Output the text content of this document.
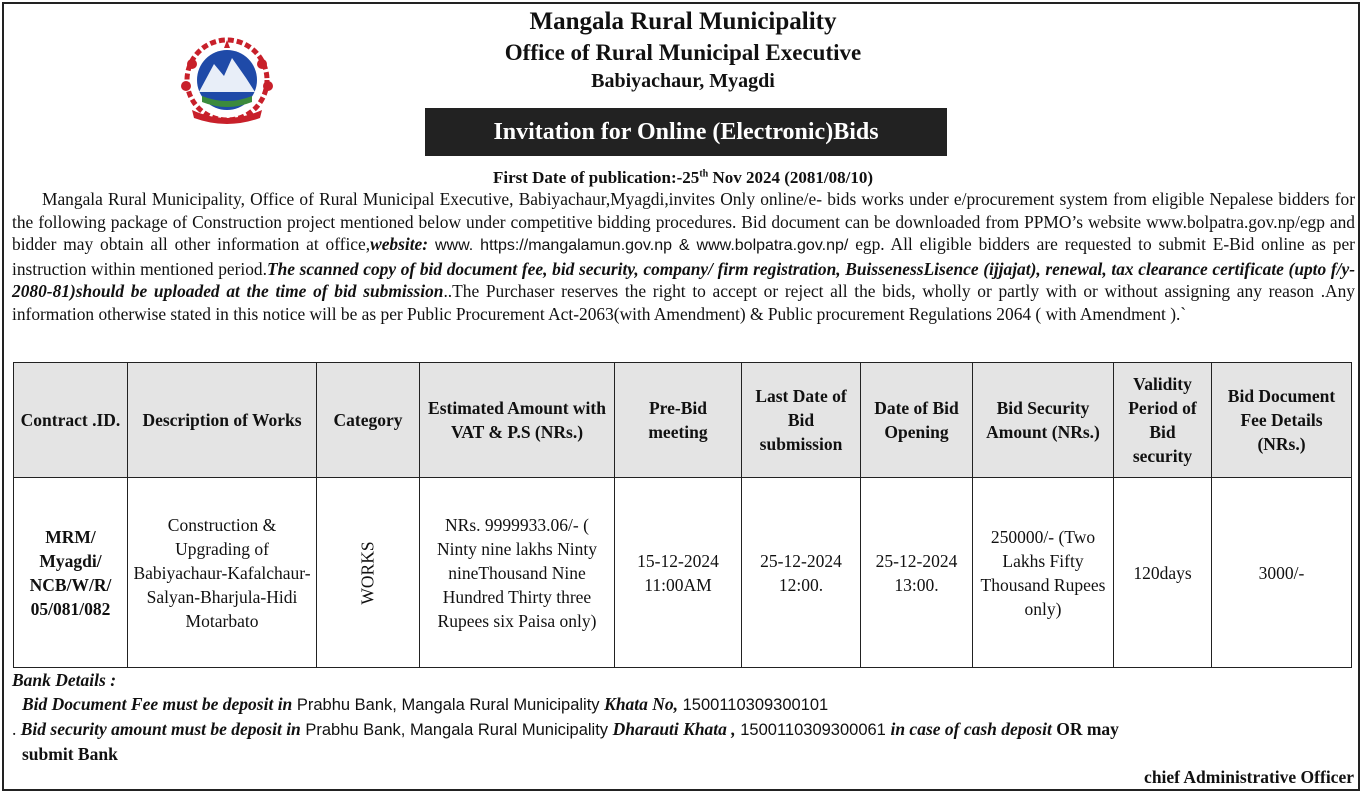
Mangala Rural Municipality
Office of Rural Municipal Executive
Babiyachaur, Myagdi
Invitation for Online (Electronic)Bids
First Date of publication:-25th Nov 2024 (2081/08/10)
Mangala Rural Municipality, Office of Rural Municipal Executive, Babiyachaur,Myagdi,invites Only online/e- bids works under e/procurement system from eligible Nepalese bidders for the following package of Construction project mentioned below under competitive bidding procedures. Bid document can be downloaded from PPMO’s website www.bolpatra.gov.np/egp and bidder may obtain all other information at office,website: www. https://mangalamun.gov.np & www.bolpatra.gov.np/ egp. All eligible bidders are requested to submit E-Bid online as per instruction within mentioned period.The scanned copy of bid document fee, bid security, company/ firm registration, BuissenessLisence (ijjajat), renewal, tax clearance certificate (upto f/y- 2080-81)should be uploaded at the time of bid submission..The Purchaser reserves the right to accept or reject all the bids, wholly or partly with or without assigning any reason .Any information otherwise stated in this notice will be as per Public Procurement Act-2063(with Amendment) & Public procurement Regulations 2064 ( with Amendment ).`
Contract .ID.	Description of Works	Category	Estimated Amount with VAT & P.S (NRs.)	Pre-Bid meeting	Last Date of Bid submission	Date of Bid Opening	Bid Security Amount (NRs.)	Validity Period of Bid security	Bid Document Fee Details (NRs.)
MRM/ Myagdi/ NCB/W/R/ 05/081/082	Construction & Upgrading of Babiyachaur-Kafalchaur- Salyan-Bharjula-Hidi Motarbato	WORKS	NRs. 9999933.06/- ( Ninty nine lakhs Ninty nineThousand Nine Hundred Thirty three Rupees six Paisa only)	15-12-2024 11:00AM	25-12-2024 12:00.	25-12-2024 13:00.	250000/- (Two Lakhs Fifty Thousand Rupees only)	120days	3000/-
Bank Details :
Bid Document Fee must be deposit in Prabhu Bank, Mangala Rural Municipality Khata No, 1500110309300101
. Bid security amount must be deposit in Prabhu Bank, Mangala Rural Municipality Dharauti Khata , 1500110309300061 in case of cash deposit OR may
submit Bank
chief Administrative Officer
